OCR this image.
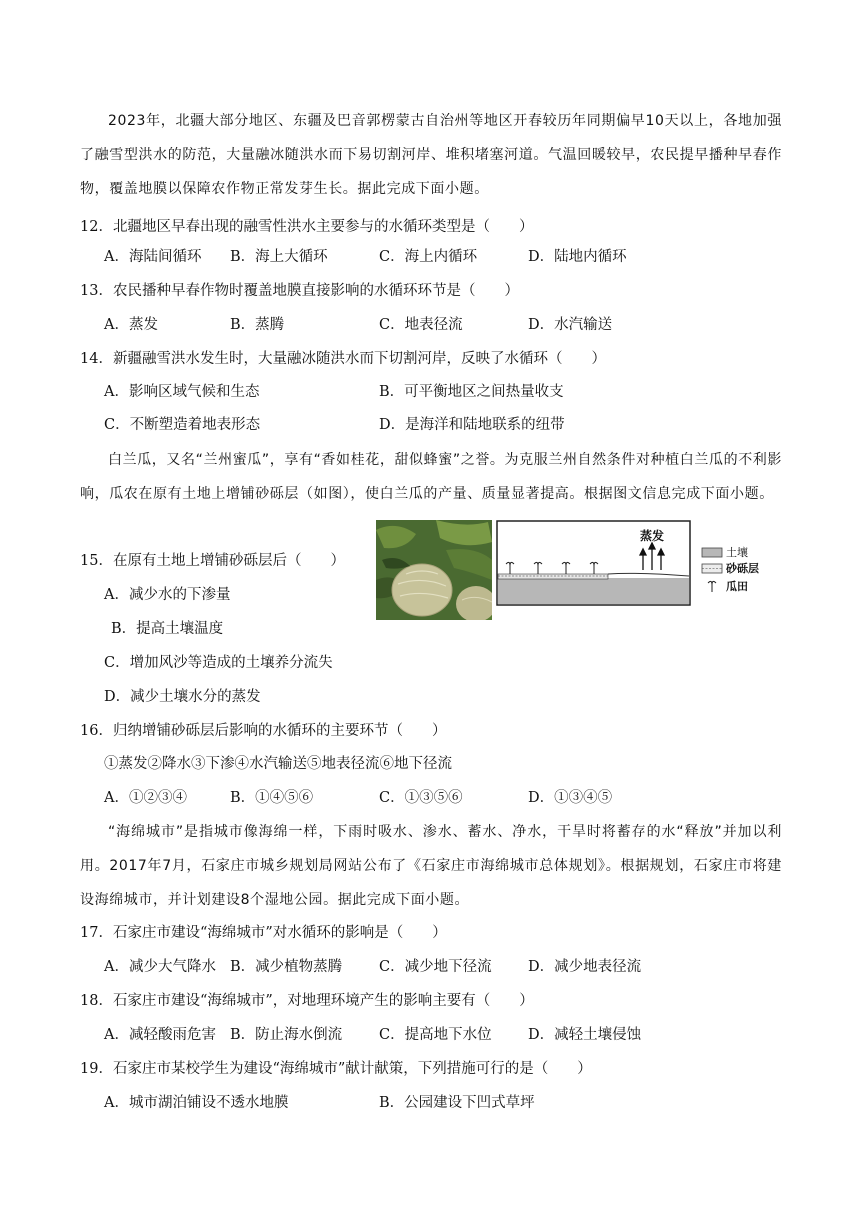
2023年，北疆大部分地区、东疆及巴音郭楞蒙古自治州等地区开春较历年同期偏早10天以上，各地加强了融雪型洪水的防范，大量融冰随洪水而下易切割河岸、堆积堵塞河道。气温回暖较早，农民提早播种早春作物，覆盖地膜以保障农作物正常发芽生长。据此完成下面小题。
12．北疆地区早春出现的融雪性洪水主要参与的水循环类型是（　　）
A．海陆间循环 B．海上大循环	C．海上内循环	D．陆地内循环
13．农民播种早春作物时覆盖地膜直接影响的水循环环节是（　　）
A．蒸发	B．蒸腾	C．地表径流	D．水汽输送
14．新疆融雪洪水发生时，大量融冰随洪水而下切割河岸，反映了水循环（　　）
A．影响区域气候和生态	B．可平衡地区之间热量收支
C．不断塑造着地表形态	D．是海洋和陆地联系的纽带
白兰瓜，又名“兰州蜜瓜”，享有“香如桂花，甜似蜂蜜”之誉。为克服兰州自然条件对种植白兰瓜的不利影响，瓜农在原有土地上增铺砂砾层（如图），使白兰瓜的产量、质量显著提高。根据图文信息完成下面小题。
蒸发
土壤
砂砾层
瓜田
15．在原有土地上增铺砂砾层后（　　）
A．减少水的下渗量
B．提高土壤温度
C．增加风沙等造成的土壤养分流失
D．减少土壤水分的蒸发
16．归纳增铺砂砾层后影响的水循环的主要环节（　　）
①蒸发②降水③下渗④水汽输送⑤地表径流⑥地下径流
A．①②③④	B．①④⑤⑥	C．①③⑤⑥	D．①③④⑤
“海绵城市”是指城市像海绵一样，下雨时吸水、渗水、蓄水、净水，干旱时将蓄存的水“释放”并加以利用。2017年7月，石家庄市城乡规划局网站公布了《石家庄市海绵城市总体规划》。根据规划，石家庄市将建设海绵城市，并计划建设8个湿地公园。据此完成下面小题。
17．石家庄市建设“海绵城市”对水循环的影响是（　　）
A．减少大气降水 B．减少植物蒸腾	C．减少地下径流	D．减少地表径流
18．石家庄市建设“海绵城市”，对地理环境产生的影响主要有（　　）
A．减轻酸雨危害 B．防止海水倒流	C．提高地下水位	D．减轻土壤侵蚀
19．石家庄市某校学生为建设“海绵城市”献计献策，下列措施可行的是（　　）
A．城市湖泊铺设不透水地膜	B．公园建设下凹式草坪
